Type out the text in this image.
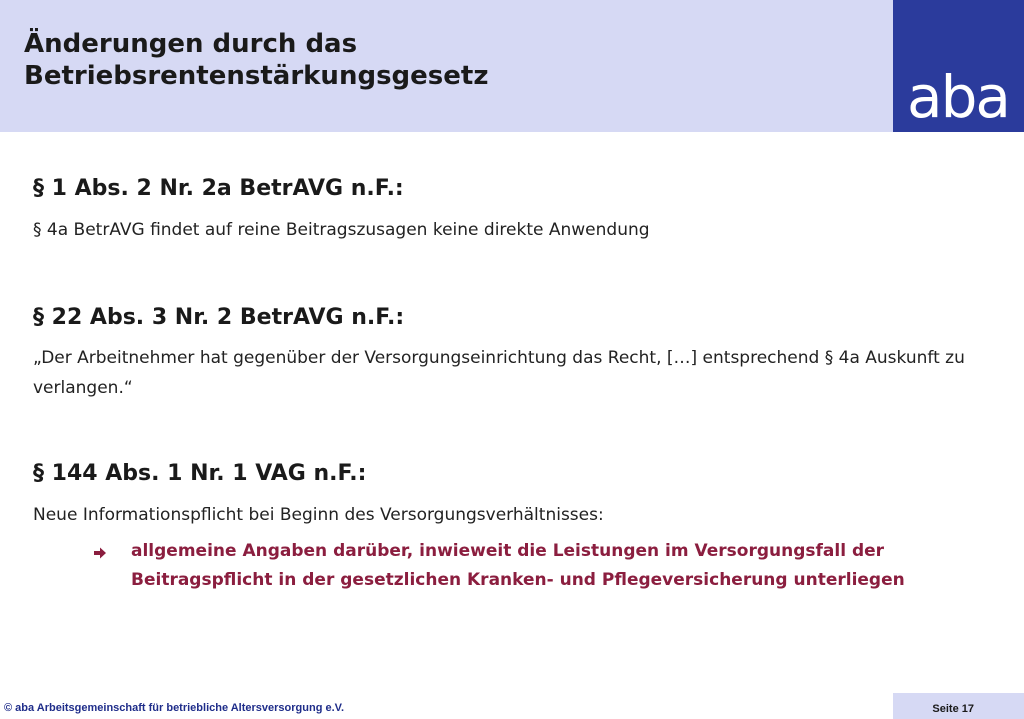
Änderungen durch das
Betriebsrentenstärkungsgesetz	aba
§ 1 Abs. 2 Nr. 2a BetrAVG n.F.:

§ 4a BetrAVG findet auf reine Beitragszusagen keine direkte Anwendung

§ 22 Abs. 3 Nr. 2 BetrAVG n.F.:

„Der Arbeitnehmer hat gegenüber der Versorgungseinrichtung das Recht, […] entsprechend § 4a Auskunft zu verlangen.“

§ 144 Abs. 1 Nr. 1 VAG n.F.:

Neue Informationspflicht bei Beginn des Versorgungsverhältnisses:

allgemeine Angaben darüber, inwieweit die Leistungen im Versorgungsfall der Beitragspflicht in der gesetzlichen Kranken- und Pflegeversicherung unterliegen

© aba Arbeitsgemeinschaft für betriebliche Altersversorgung e.V.	Seite 17
